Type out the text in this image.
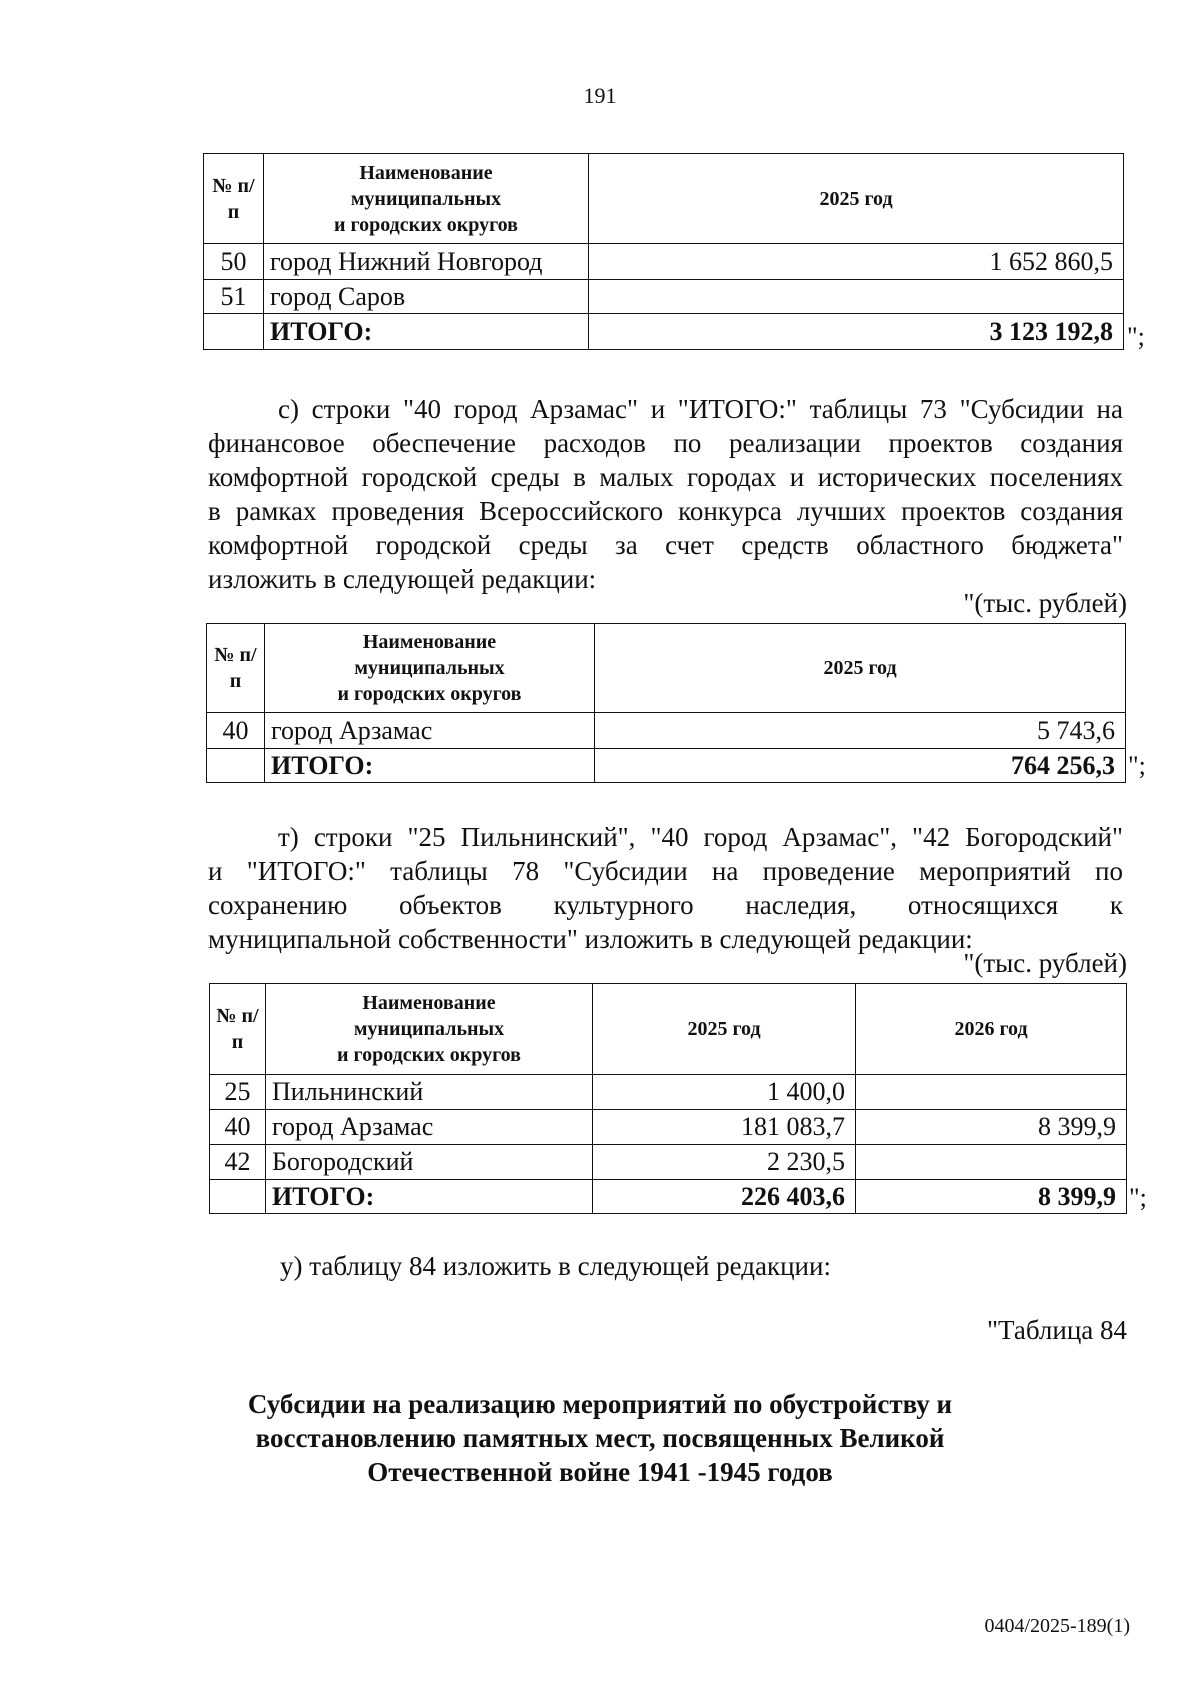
191
№ п/п	Наименование
муниципальных
и городских округов	2025 год
50	город Нижний Новгород	1 652 860,5
51	город Саров	
	ИТОГО:	3 123 192,8 ";
с) строки "40 город Арзамас" и "ИТОГО:" таблицы 73 "Субсидии на
финансовое обеспечение расходов по реализации проектов создания
комфортной городской среды в малых городах и исторических поселениях
в рамках проведения Всероссийского конкурса лучших проектов создания
комфортной городской среды за счет средств областного бюджета"
изложить в следующей редакции:
"(тыс. рублей)
№ п/п	Наименование
муниципальных
и городских округов	2025 год
40	город Арзамас	5 743,6
	ИТОГО:	764 256,3 ";
т) строки "25 Пильнинский", "40 город Арзамас", "42 Богородский"
и "ИТОГО:" таблицы 78 "Субсидии на проведение мероприятий по
сохранению объектов культурного наследия, относящихся к
муниципальной собственности" изложить в следующей редакции:
"(тыс. рублей)
№ п/п	Наименование
муниципальных
и городских округов	2025 год	2026 год
25	Пильнинский	1 400,0	
40	город Арзамас	181 083,7	8 399,9
42	Богородский	2 230,5	
	ИТОГО:	226 403,6	8 399,9 ";
у) таблицу 84 изложить в следующей редакции:
"Таблица 84
Субсидии на реализацию мероприятий по обустройству и
восстановлению памятных мест, посвященных Великой
Отечественной войне 1941 -1945 годов
0404/2025-189(1)
